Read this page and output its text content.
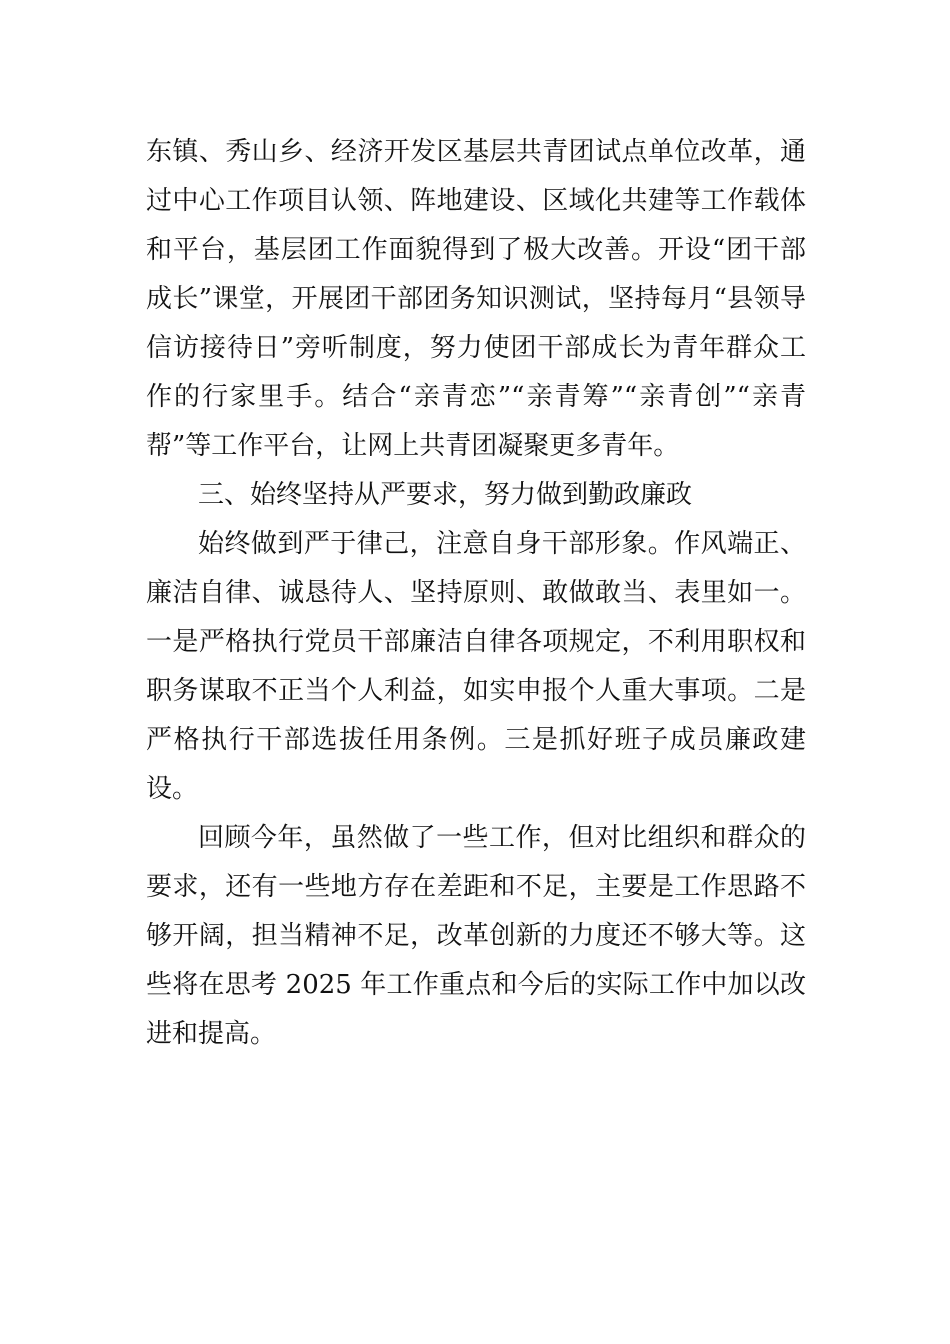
东镇、秀山乡、经济开发区基层共青团试点单位改革，通过中心工作项目认领、阵地建设、区域化共建等工作载体和平台，基层团工作面貌得到了极大改善。开设“团干部成长”课堂，开展团干部团务知识测试，坚持每月“县领导信访接待日”旁听制度，努力使团干部成长为青年群众工作的行家里手。结合“亲青恋”“亲青筹”“亲青创”“亲青帮”等工作平台，让网上共青团凝聚更多青年。

三、始终坚持从严要求，努力做到勤政廉政

始终做到严于律己，注意自身干部形象。作风端正、廉洁自律、诚恳待人、坚持原则、敢做敢当、表里如一。一是严格执行党员干部廉洁自律各项规定，不利用职权和职务谋取不正当个人利益，如实申报个人重大事项。二是严格执行干部选拔任用条例。三是抓好班子成员廉政建设。

回顾今年，虽然做了一些工作，但对比组织和群众的要求，还有一些地方存在差距和不足，主要是工作思路不够开阔，担当精神不足，改革创新的力度还不够大等。这些将在思考 2025 年工作重点和今后的实际工作中加以改进和提高。
